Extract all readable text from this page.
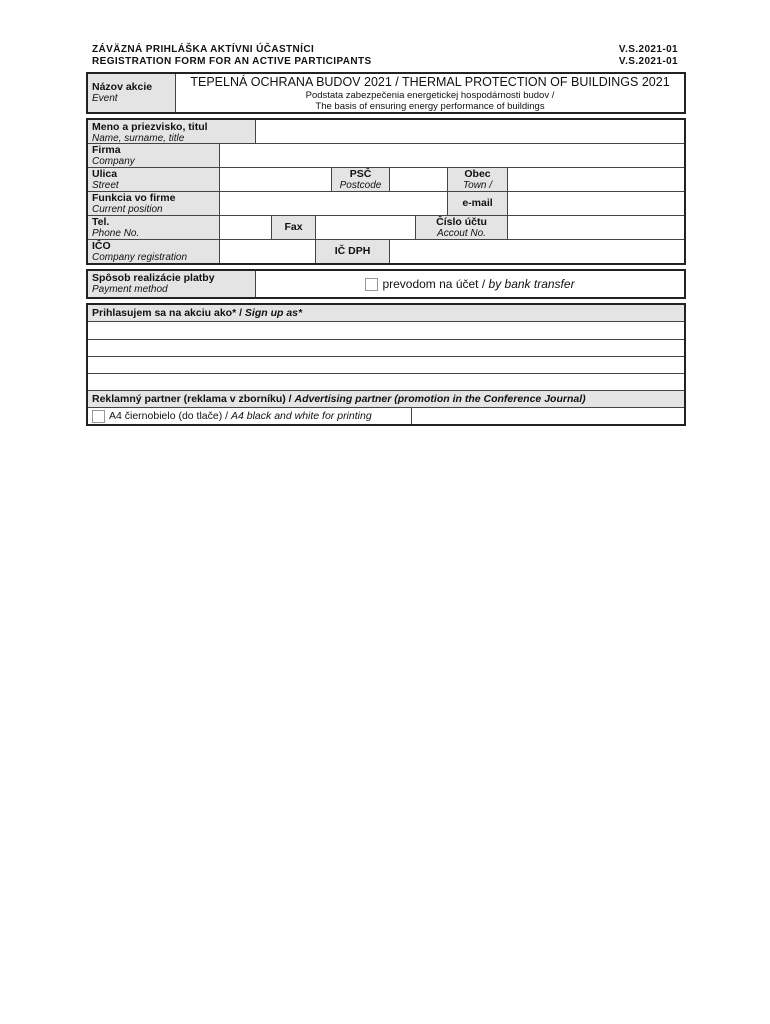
ZÁVÄZNÁ PRIHLÁŠKA AKTÍVNI ÚČASTNÍCI
REGISTRATION FORM FOR AN ACTIVE PARTICIPANTS
V.S.2021-01
V.S.2021-01
Názov akcie
Event
TEPELNÁ OCHRANA BUDOV 2021 / THERMAL PROTECTION OF BUILDINGS 2021
Podstata zabezpečenia energetickej hospodárnosti budov /
The basis of ensuring energy performance of buildings
Meno a priezvisko, titul
Name, surname, title
Firma
Company
Ulica
Street
PSČ
Postcode
Obec
Town /
Funkcia vo firme
Current position
e-mail
Tel.
Phone No.
Fax	Číslo účtu
Accout No.
IČO
Company registration
IČ DPH
Spôsob realizácie platby
Payment method	prevodom na účet / by bank transfer
Prihlasujem sa na akciu ako* / Sign up as*
Reklamný partner (reklama v zborníku) / Advertising partner (promotion in the Conference Journal)
A4 čiernobielo (do tlače) / A4 black and white for printing
